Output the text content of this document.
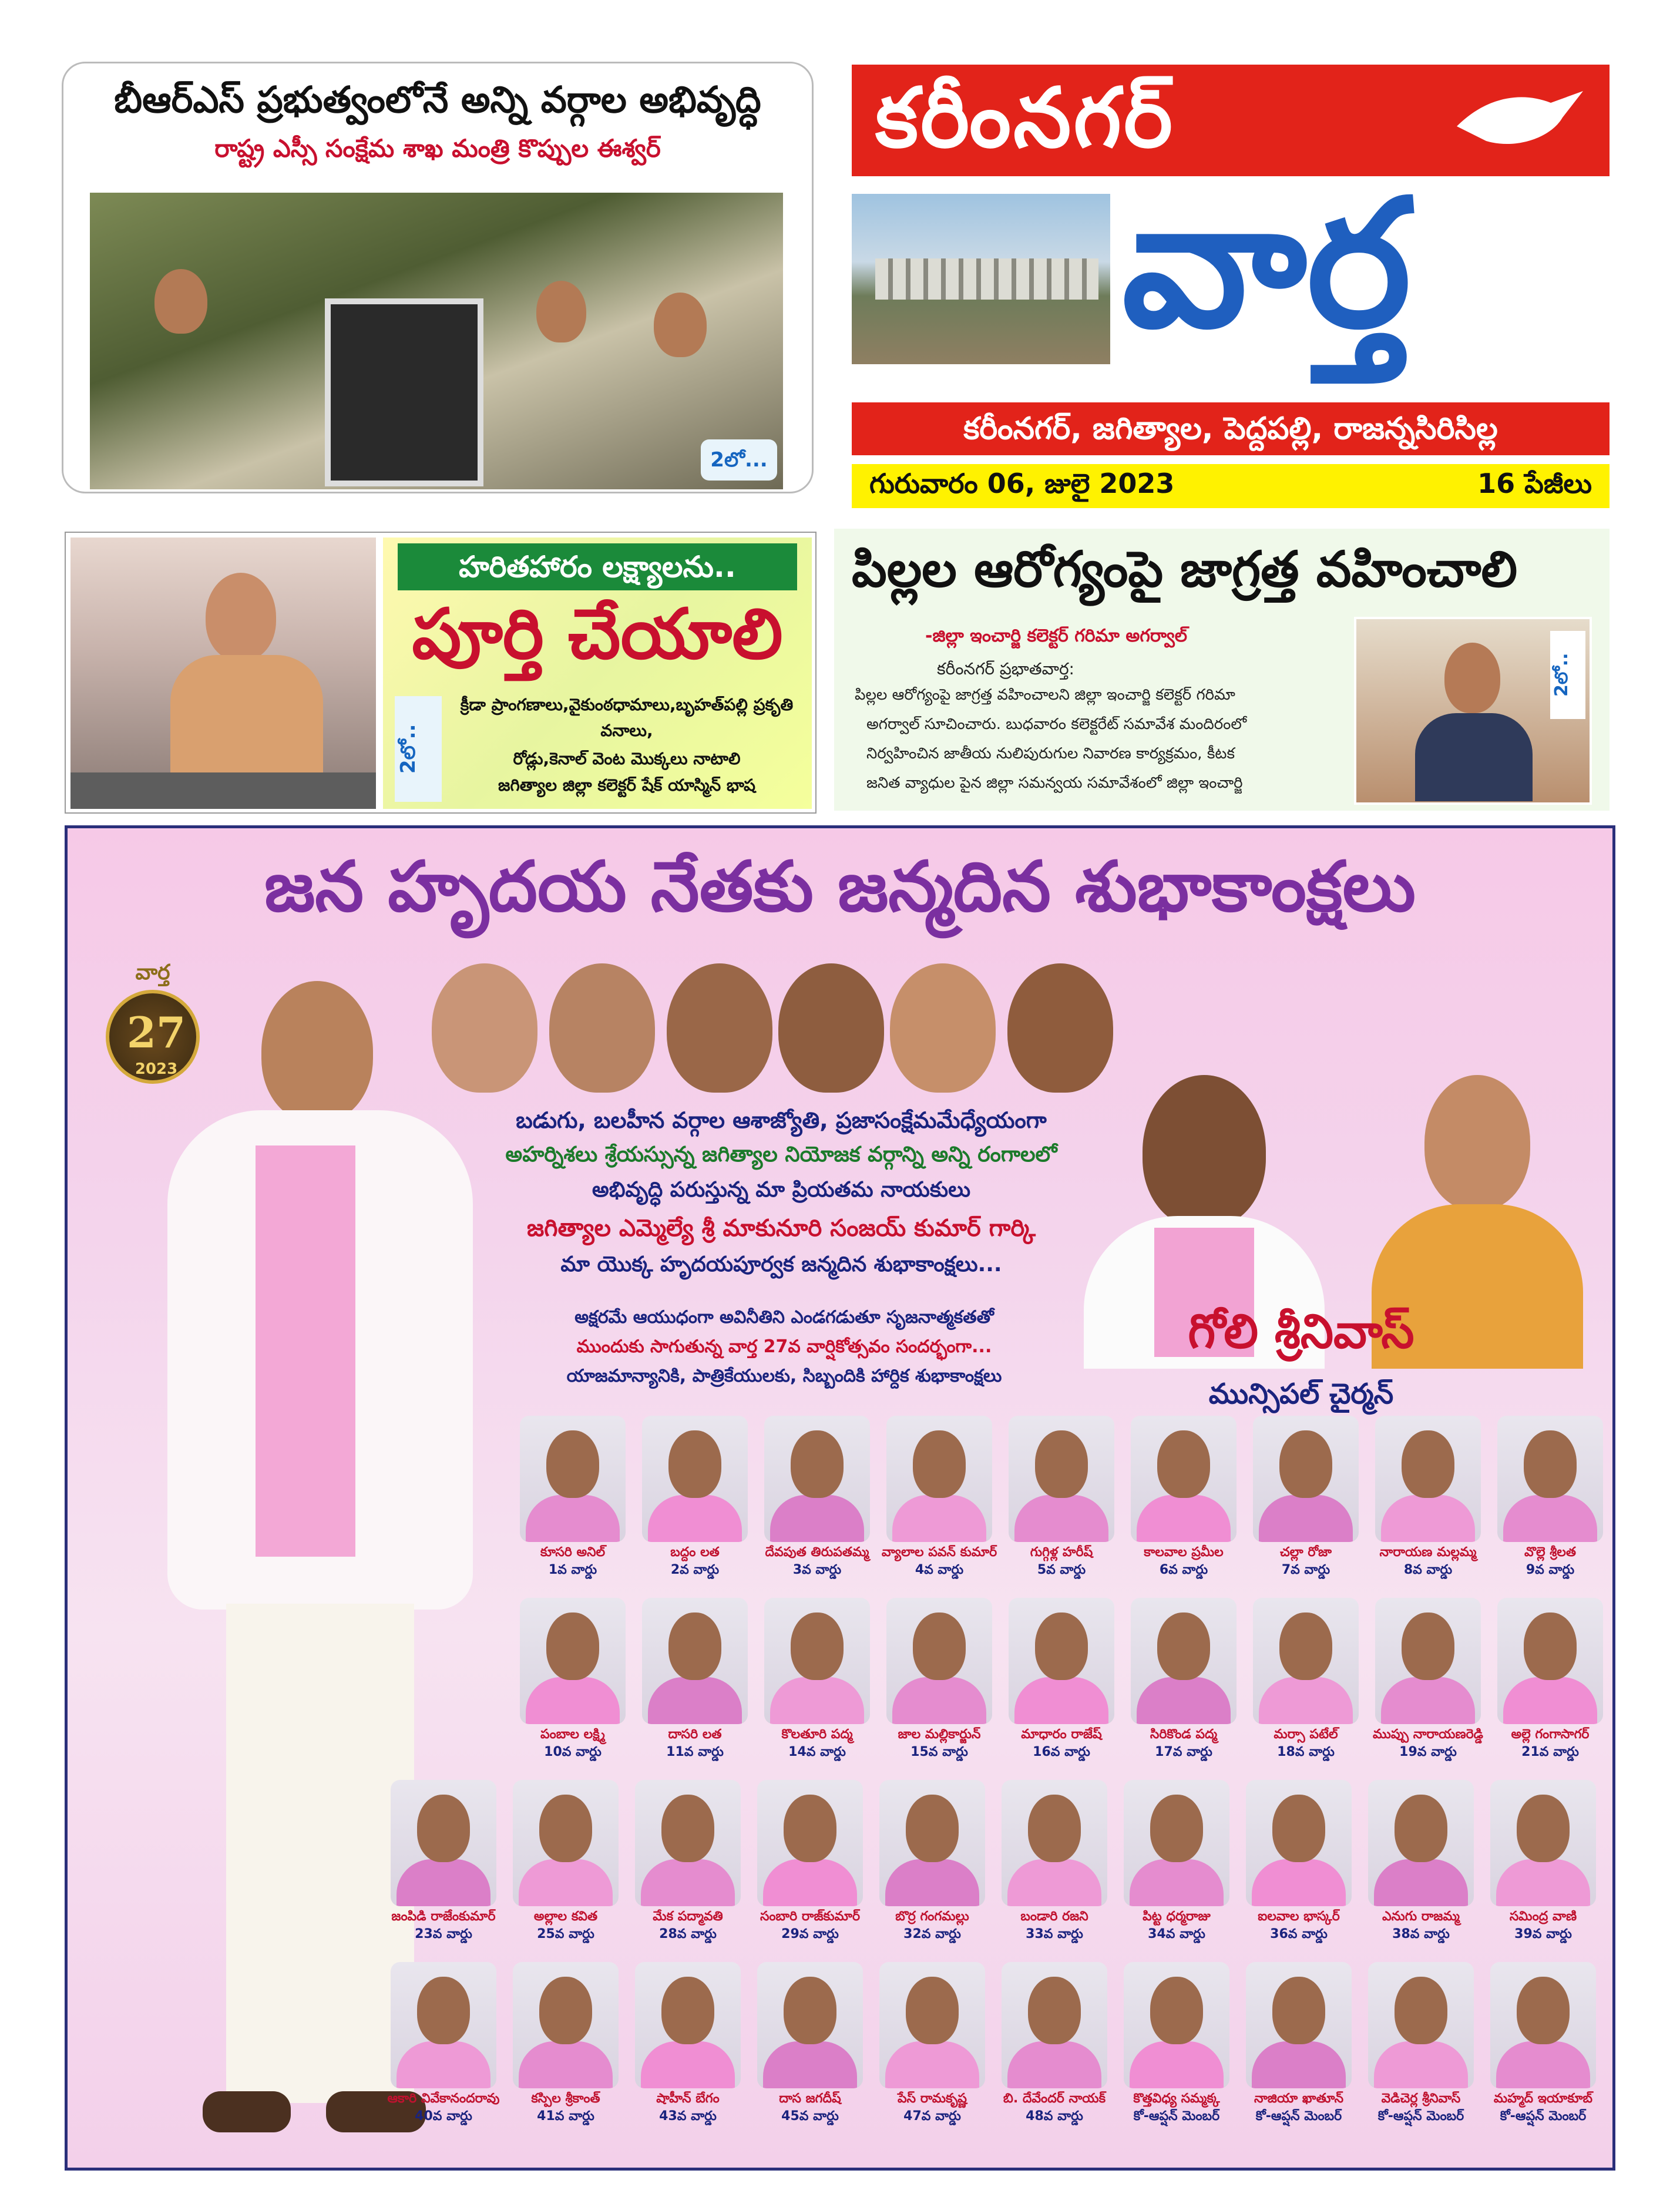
బీఆర్ఎస్ ప్రభుత్వంలోనే అన్ని వర్గాల అభివృద్ధి
రాష్ట్ర ఎస్సీ సంక్షేమ శాఖ మంత్రి కొప్పుల ఈశ్వర్
2లో...
కరీంనగర్
వార్త
కరీంనగర్, జగిత్యాల, పెద్దపల్లి, రాజన్నసిరిసిల్ల
గురువారం 06, జులై 2023	16 పేజీలు
హరితహారం లక్ష్యాలను..
పూర్తి చేయాలి
2లో..
క్రీడా ప్రాంగణాలు,వైకుంఠధామాలు,బృహత్‌పల్లి ప్రకృతి
వనాలు,
రోడ్లు,కెనాల్ వెంట మొక్కలు నాటాలి
జగిత్యాల జిల్లా కలెక్టర్ షేక్ యాస్మిన్ భాష
పిల్లల ఆరోగ్యంపై జాగ్రత్త వహించాలి
-జిల్లా ఇంచార్జి కలెక్టర్ గరిమా అగర్వాల్
కరీంనగర్ ప్రభాతవార్త:
పిల్లల ఆరోగ్యంపై జాగ్రత్త వహించాలని జిల్లా ఇంచార్జి కలెక్టర్ గరిమా
అగర్వాల్ సూచించారు. బుధవారం కలెక్టరేట్ సమావేశ మందిరంలో
నిర్వహించిన జాతీయ నులిపురుగుల నివారణ కార్యక్రమం, కీటక
జనిత వ్యాధుల పైన జిల్లా సమన్వయ సమావేశంలో జిల్లా ఇంచార్జి
2లో..
జన హృదయ నేతకు జన్మదిన శుభాకాంక్షలు
వార్త
27
2023
బడుగు, బలహీన వర్గాల ఆశాజ్యోతి, ప్రజాసంక్షేమమేధ్యేయంగా
అహర్నిశలు శ్రేయస్సున్న జగిత్యాల నియోజక వర్గాన్ని అన్ని రంగాలలో
అభివృద్ధి పరుస్తున్న మా ప్రియతమ నాయకులు
జగిత్యాల ఎమ్మెల్యే శ్రీ మాకునూరి సంజయ్ కుమార్ గార్కి
మా యొక్క హృదయపూర్వక జన్మదిన శుభాకాంక్షలు...
అక్షరమే ఆయుధంగా అవినీతిని ఎండగడుతూ సృజనాత్మకతతో
ముందుకు సాగుతున్న వార్త 27వ వార్షికోత్సవం సందర్భంగా...
యాజమాన్యానికి, పాత్రికేయులకు, సిబ్బందికి హార్దిక శుభాకాంక్షలు
గోలి శ్రీనివాస్
మున్సిపల్ చైర్మన్
కూసరి అనిల్
1వ వార్డు
బద్దం లత
2వ వార్డు
దేవపుత తిరుపతమ్మ
3వ వార్డు
వ్యాలాల పవన్ కుమార్
4వ వార్డు
గుగ్గిళ్ల హరీష్
5వ వార్డు
కాలవాల ప్రమీల
6వ వార్డు
చల్లా రోజా
7వ వార్డు
నారాయణ మల్లమ్మ
8వ వార్డు
వొల్లె శ్రీలత
9వ వార్డు
పంబాల లక్ష్మి
10వ వార్డు
దాసరి లత
11వ వార్డు
కొలతూరి పద్మ
14వ వార్డు
జాల మల్లికార్జున్
15వ వార్డు
మాధారం రాజేష్
16వ వార్డు
సిరికొండ పద్మ
17వ వార్డు
మర్సా పటేల్
18వ వార్డు
ముప్పు నారాయణరెడ్డి
19వ వార్డు
అల్లె గంగాసాగర్
21వ వార్డు
జంపిడి రాజేంకుమార్
23వ వార్డు
అల్లాల కవిత
25వ వార్డు
మేక పద్మావతి
28వ వార్డు
సంబారి రాజ్‌కుమార్
29వ వార్డు
బొర్ర గంగమల్లు
32వ వార్డు
బండారి రజని
33వ వార్డు
పిట్ట ధర్మరాజు
34వ వార్డు
ఐలవాల భాస్కర్
36వ వార్డు
ఎనుగు రాజమ్మ
38వ వార్డు
సమింద్ర వాణి
39వ వార్డు
ఆకారి వివేకానందరావు
40వ వార్డు
కస్పిల శ్రీకాంత్
41వ వార్డు
షాహీన్ బేగం
43వ వార్డు
దాస జగదీష్
45వ వార్డు
పేస్ రామకృష్ణ
47వ వార్డు
బి. దేవేందర్ నాయక్
48వ వార్డు
కొత్తవిధ్య సమ్మక్క
కో-ఆప్షన్ మెంబర్
నాజియా ఖాతూన్
కో-ఆప్షన్ మెంబర్
వెడిచెర్ల శ్రీనివాస్
కో-ఆప్షన్ మెంబర్
మహ్మద్ ఇయాకూబ్
కో-ఆప్షన్ మెంబర్
